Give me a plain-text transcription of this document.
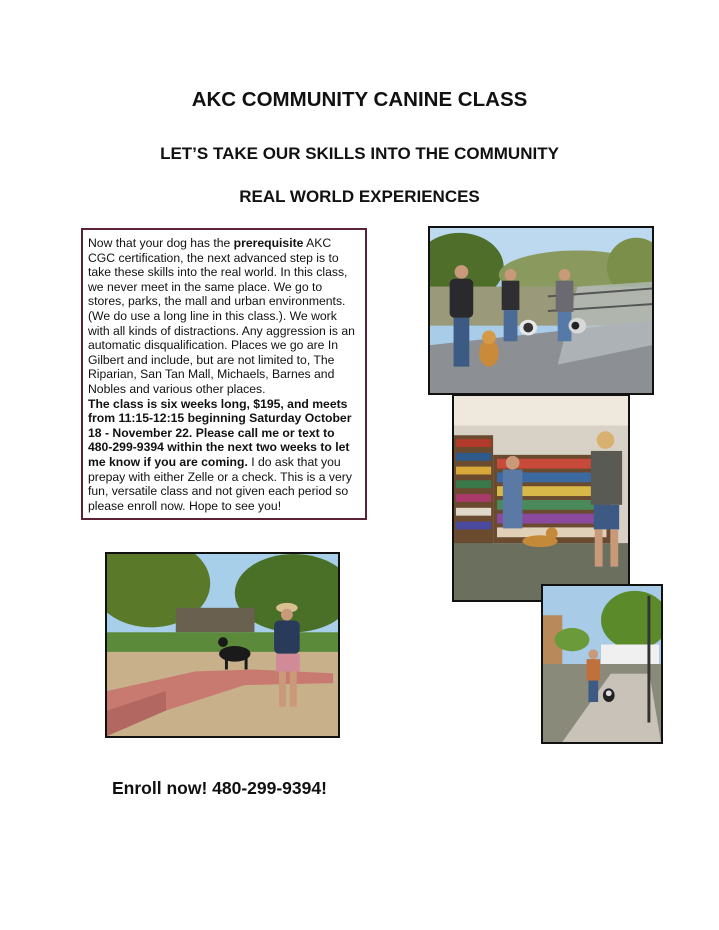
AKC COMMUNITY CANINE CLASS
LET’S TAKE OUR SKILLS INTO THE COMMUNITY
REAL WORLD EXPERIENCES

Now that your dog has the prerequisite AKC CGC certification, the next advanced step is to take these skills into the real world. In this class, we never meet in the same place. We go to stores, parks, the mall and urban environments. (We do use a long line in this class.). We work with all kinds of distractions. Any aggression is an automatic disqualification. Places we go are In Gilbert and include, but are not limited to, The Riparian, San Tan Mall, Michaels, Barnes and Nobles and various other places.
The class is six weeks long, $195, and meets from 11:15-12:15 beginning Saturday October 18 - November 22. Please call me or text to 480-299-9394 within the next two weeks to let me know if you are coming. I do ask that you prepay with either Zelle or a check. This is a very fun, versatile class and not given each period so please enroll now. Hope to see you!

Enroll now! 480-299-9394!
